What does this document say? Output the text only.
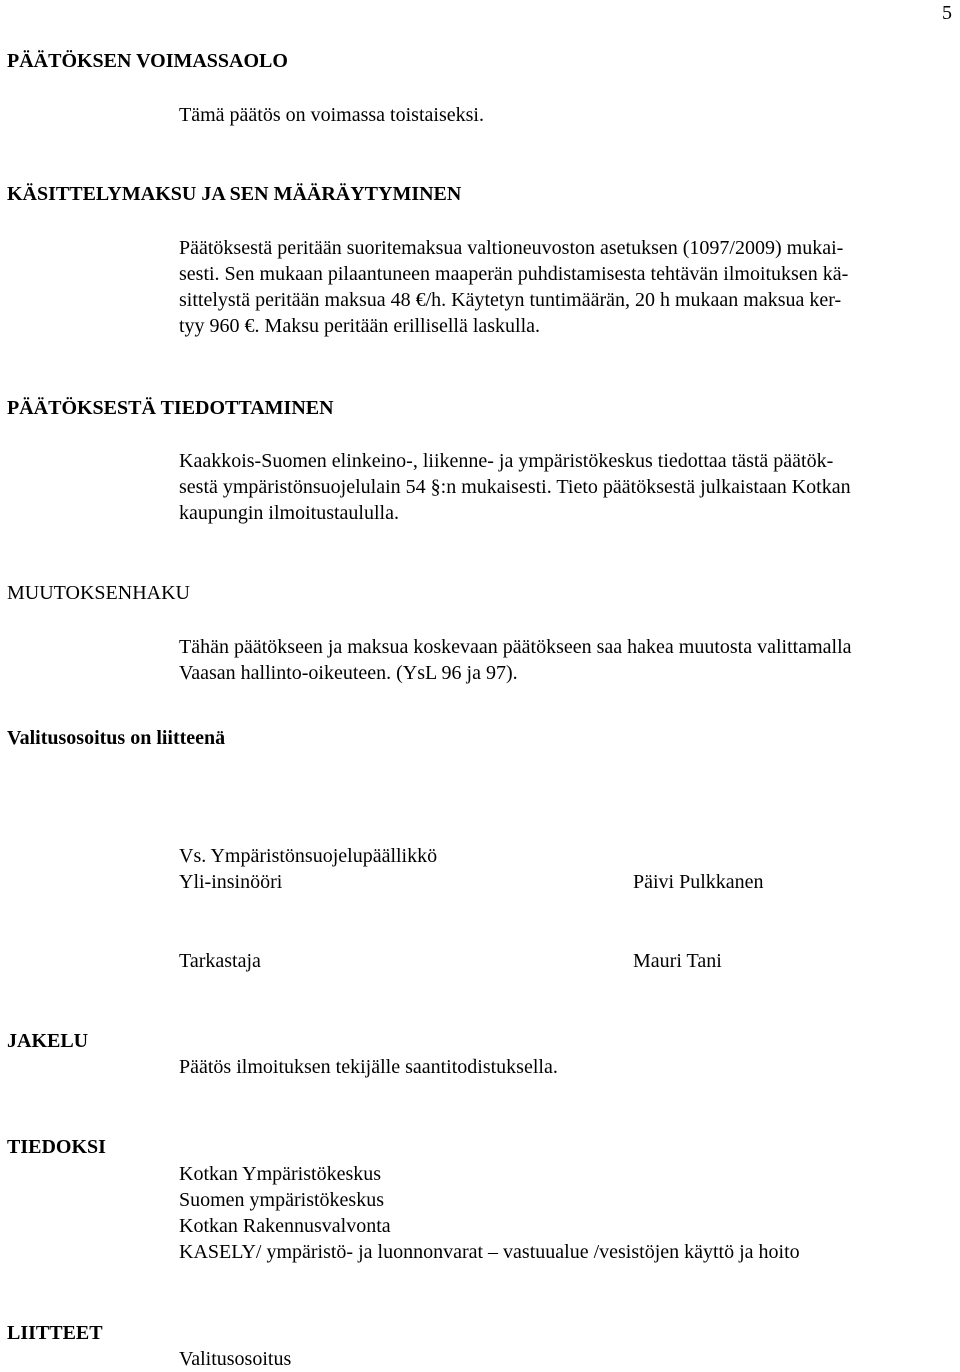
5
PÄÄTÖKSEN VOIMASSAOLO

Tämä päätös on voimassa toistaiseksi.

KÄSITTELYMAKSU JA SEN MÄÄRÄYTYMINEN
Päätöksestä peritään suoritemaksua valtioneuvoston asetuksen (1097/2009) mukai-
sesti. Sen mukaan pilaantuneen maaperän puhdistamisesta tehtävän ilmoituksen kä-
sittelystä peritään maksua 48 €/h. Käytetyn tuntimäärän, 20 h mukaan maksua ker-
tyy 960 €. Maksu peritään erillisellä laskulla.
PÄÄTÖKSESTÄ TIEDOTTAMINEN
Kaakkois-Suomen elinkeino-, liikenne- ja ympäristökeskus tiedottaa tästä päätök-
sestä ympäristönsuojelulain 54 §:n mukaisesti. Tieto päätöksestä julkaistaan Kotkan
kaupungin ilmoitustaululla.
MUUTOKSENHAKU
Tähän päätökseen ja maksua koskevaan päätökseen saa hakea muutosta valittamalla
Vaasan hallinto-oikeuteen. (YsL 96 ja 97).
Valitusosoitus on liitteenä
Vs. Ympäristönsuojelupäällikkö
Yli-insinööri	Päivi Pulkkanen
Tarkastaja	Mauri Tani
JAKELU

Päätös ilmoituksen tekijälle saantitodistuksella.

TIEDOKSI
Kotkan Ympäristökeskus
Suomen ympäristökeskus
Kotkan Rakennusvalvonta
KASELY/ ympäristö- ja luonnonvarat – vastuualue /vesistöjen käyttö ja hoito
LIITTEET
Valitusosoitus
